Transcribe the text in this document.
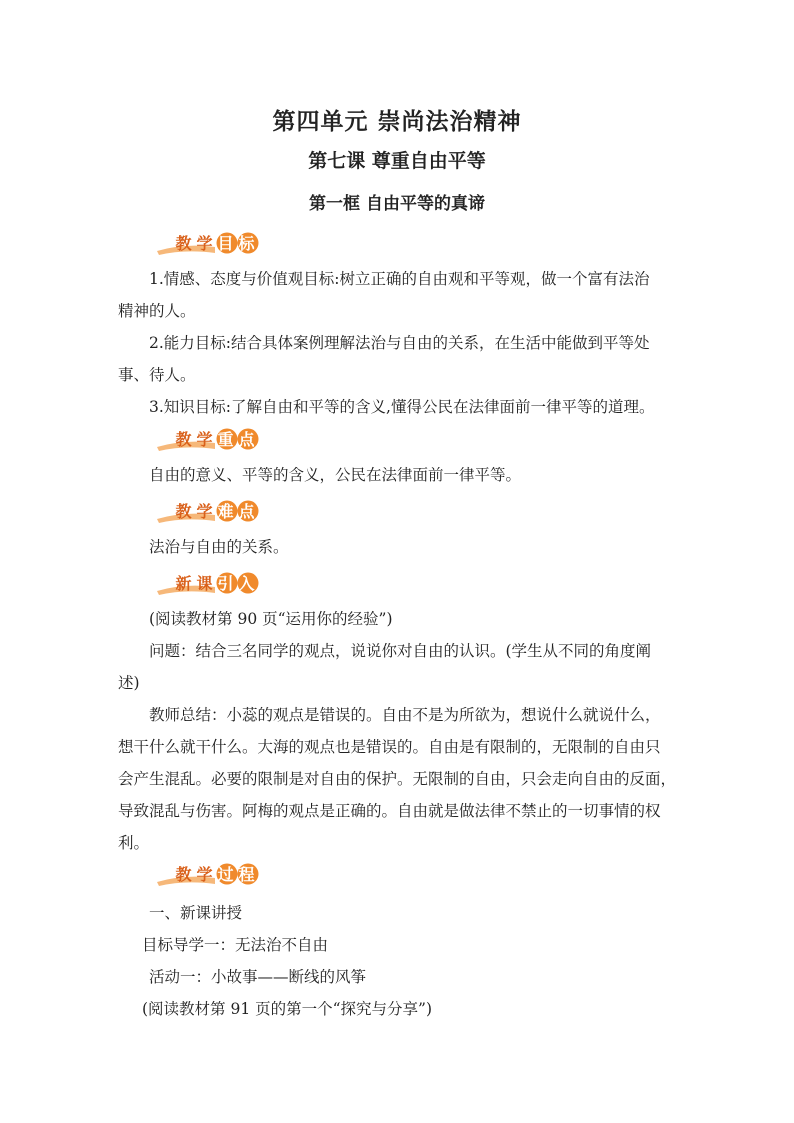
第四单元 崇尚法治精神
第七课 尊重自由平等
第一框 自由平等的真谛
教 学 目 标
1.情感、态度与价值观目标:树立正确的自由观和平等观，做一个富有法治
精神的人。
2.能力目标:结合具体案例理解法治与自由的关系，在生活中能做到平等处
事、待人。
3.知识目标:了解自由和平等的含义,懂得公民在法律面前一律平等的道理。
教 学 重 点
自由的意义、平等的含义，公民在法律面前一律平等。
教 学 难 点
法治与自由的关系。
新 课 引 入
(阅读教材第 90 页“运用你的经验”)
问题：结合三名同学的观点，说说你对自由的认识。(学生从不同的角度阐
述)
教师总结：小蕊的观点是错误的。自由不是为所欲为，想说什么就说什么，
想干什么就干什么。大海的观点也是错误的。自由是有限制的，无限制的自由只
会产生混乱。必要的限制是对自由的保护。无限制的自由，只会走向自由的反面，
导致混乱与伤害。阿梅的观点是正确的。自由就是做法律不禁止的一切事情的权
利。
教 学 过 程
一、新课讲授
目标导学一：无法治不自由
活动一：小故事——断线的风筝
(阅读教材第 91 页的第一个“探究与分享”)
